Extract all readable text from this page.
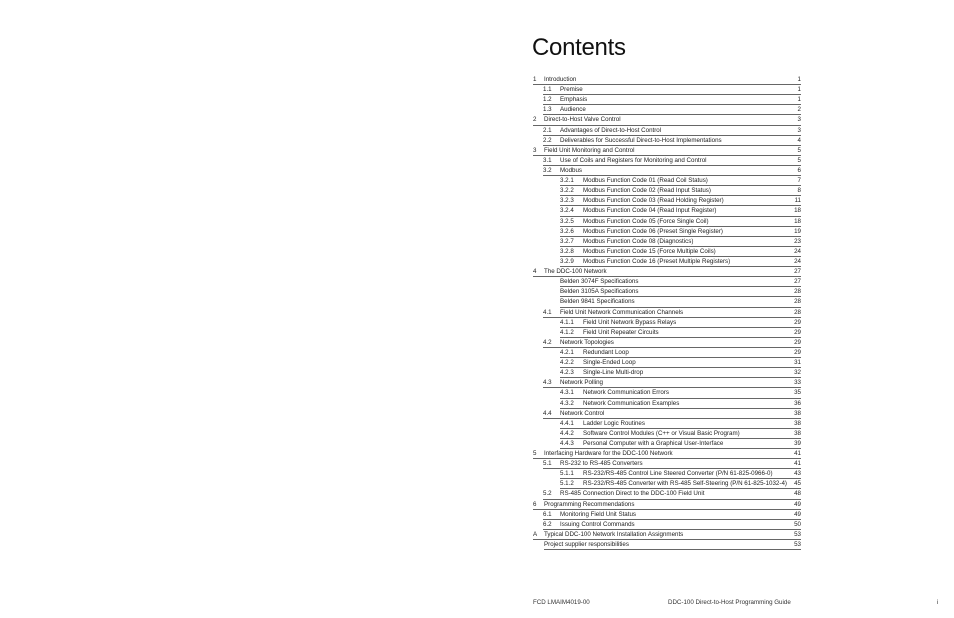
Contents
1	Introduction	1
1.1	Premise	1
1.2	Emphasis	1
1.3	Audience	2
2	Direct-to-Host Valve Control	3
2.1	Advantages of Direct-to-Host Control	3
2.2	Deliverables for Successful Direct-to-Host Implementations	4
3	Field Unit Monitoring and Control	5
3.1	Use of Coils and Registers for Monitoring and Control	5
3.2	Modbus	6
3.2.1	Modbus Function Code 01 (Read Coil Status)	7
3.2.2	Modbus Function Code 02 (Read Input Status)	8
3.2.3	Modbus Function Code 03 (Read Holding Register)	11
3.2.4	Modbus Function Code 04 (Read Input Register)	18
3.2.5	Modbus Function Code 05 (Force Single Coil)	18
3.2.6	Modbus Function Code 06 (Preset Single Register)	19
3.2.7	Modbus Function Code 08 (Diagnostics)	23
3.2.8	Modbus Function Code 15 (Force Multiple Coils)	24
3.2.9	Modbus Function Code 16 (Preset Multiple Registers)	24
4	The DDC-100 Network	27
Belden 3074F Specifications	27
Belden 3105A Specifications	28
Belden 9841 Specifications	28
4.1	Field Unit Network Communication Channels	28
4.1.1	Field Unit Network Bypass Relays	29
4.1.2	Field Unit Repeater Circuits	29
4.2	Network Topologies	29
4.2.1	Redundant Loop	29
4.2.2	Single-Ended Loop	31
4.2.3	Single-Line Multi-drop	32
4.3	Network Polling	33
4.3.1	Network Communication Errors	35
4.3.2	Network Communication Examples	36
4.4	Network Control	38
4.4.1	Ladder Logic Routines	38
4.4.2	Software Control Modules (C++ or Visual Basic Program)	38
4.4.3	Personal Computer with a Graphical User-Interface	39
5	Interfacing Hardware for the DDC-100 Network	41
5.1	RS-232 to RS-485 Converters	41
5.1.1	RS-232/RS-485 Control Line Steered Converter (P/N 61-825-0966-0)	43
5.1.2	RS-232/RS-485 Converter with RS-485 Self-Steering (P/N 61-825-1032-4) 45
5.2	RS-485 Connection Direct to the DDC-100 Field Unit	48
6	Programming Recommendations	49
6.1	Monitoring Field Unit Status	49
6.2	Issuing Control Commands	50
A	Typical DDC-100 Network Installation Assignments	53
Project supplier responsibilities	53
FCD LMAIM4019-00	DDC-100 Direct-to-Host Programming Guide	i
